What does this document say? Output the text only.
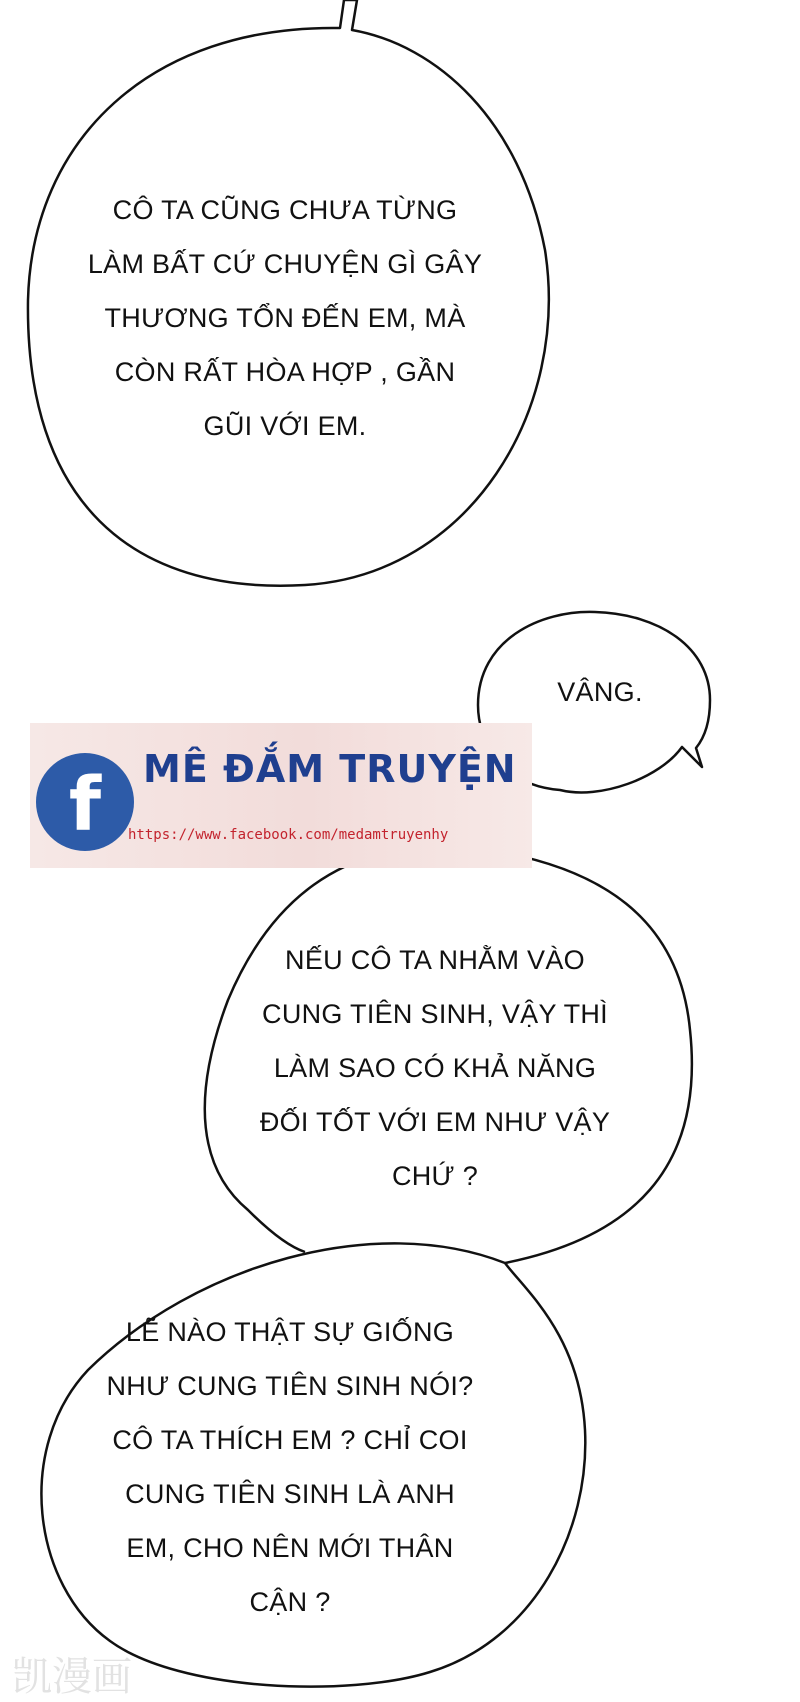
CÔ TA CŨNG CHƯA TỪNG
LÀM BẤT CỨ CHUYỆN GÌ GÂY
THƯƠNG TỔN ĐẾN EM, MÀ
CÒN RẤT HÒA HỢP , GẦN
GŨI VỚI EM.
VÂNG.
f	MÊ ĐẮM TRUYỆN
https://www.facebook.com/medamtruyenhy
NẾU CÔ TA NHẰM VÀO
CUNG TIÊN SINH, VẬY THÌ
LÀM SAO CÓ KHẢ NĂNG
ĐỐI TỐT VỚI EM NHƯ VẬY
CHỨ ?
LẼ NÀO THẬT SỰ GIỐNG
NHƯ CUNG TIÊN SINH NÓI?
CÔ TA THÍCH EM ? CHỈ COI
CUNG TIÊN SINH LÀ ANH
EM, CHO NÊN MỚI THÂN
CẬN ?
凯漫画
